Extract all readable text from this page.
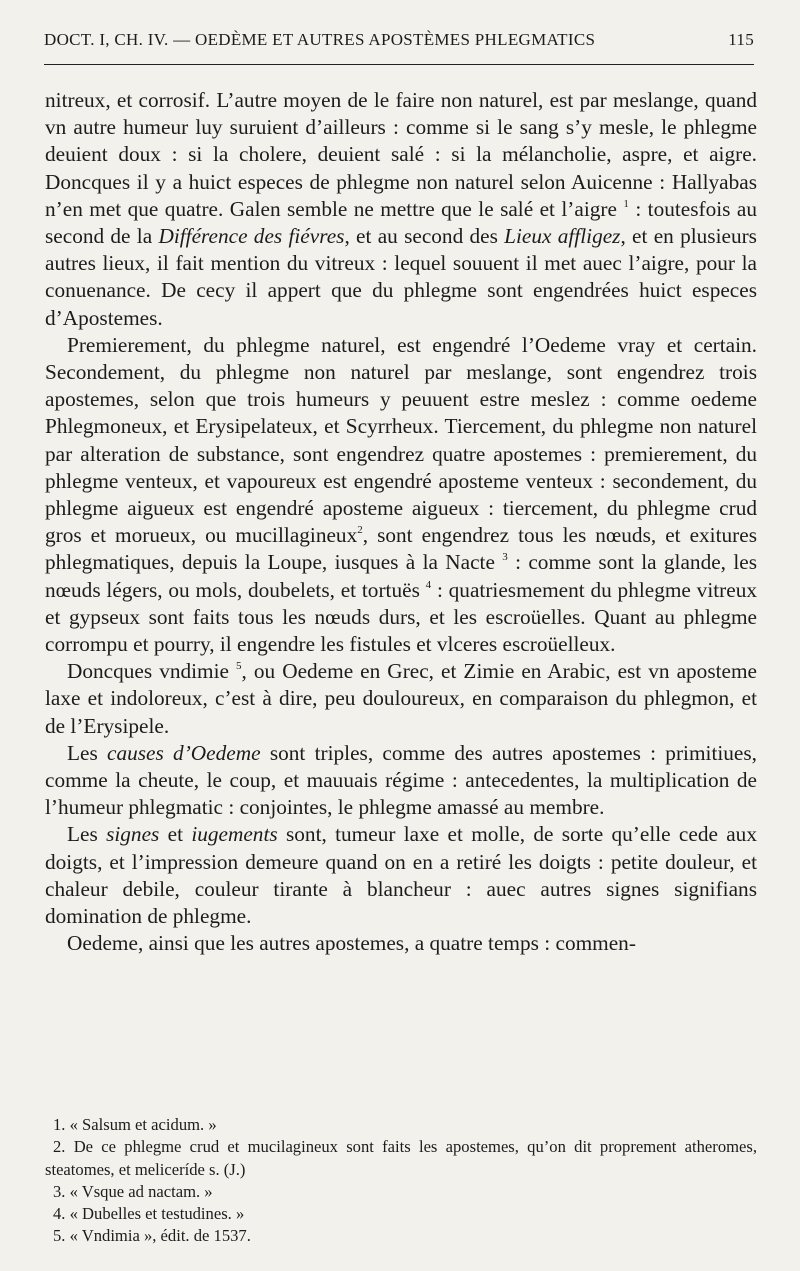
DOCT. I, CH. IV. — OEDÈME ET AUTRES APOSTÈMES PHLEGMATICS	115

nitreux, et corrosif. L’autre moyen de le faire non naturel, est par meslange, quand vn autre humeur luy suruient d’ailleurs : comme si le sang s’y mesle, le phlegme deuient doux : si la cholere, deuient salé : si la mélancholie, aspre, et aigre. Doncques il y a huict especes de phlegme non naturel selon Auicenne : Hallyabas n’en met que quatre. Galen semble ne mettre que le salé et l’aigre $^1$ : toutesfois au second de la Différence des fiévres, et au second des Lieux affligez, et en plusieurs autres lieux, il fait mention du vitreux : lequel souuent il met auec l’aigre, pour la conuenance. De cecy il appert que du phlegme sont engendrées huict especes d’Apostemes.

Premierement, du phlegme naturel, est engendré l’Oedeme vray et certain. Secondement, du phlegme non naturel par meslange, sont engendrez trois apostemes, selon que trois humeurs y peuuent estre meslez : comme oedeme Phlegmoneux, et Erysipelateux, et Scyrrheux. Tiercement, du phlegme non naturel par alteration de substance, sont engendrez quatre apostemes : premierement, du phlegme venteux, et vapoureux est engendré aposteme venteux : secondement, du phlegme aigueux est engendré aposteme aigueux : tiercement, du phlegme crud gros et morueux, ou mucillagineux$^2$, sont engendrez tous les nœuds, et exitures phlegmatiques, depuis la Loupe, iusques à la Nacte $^3$ : comme sont la glande, les nœuds légers, ou mols, doubelets, et tortuës $^4$ : quatriesmement du phlegme vitreux et gypseux sont faits tous les nœuds durs, et les escroüelles. Quant au phlegme corrompu et pourry, il engendre les fistules et vlceres escroüelleux.

Doncques vndimie $^5$, ou Oedeme en Grec, et Zimie en Arabic, est vn aposteme laxe et indoloreux, c’est à dire, peu douloureux, en comparaison du phlegmon, et de l’Erysipele.

Les causes d’Oedeme sont triples, comme des autres apostemes : primitiues, comme la cheute, le coup, et mauuais régime : antecedentes, la multiplication de l’humeur phlegmatic : conjointes, le phlegme amassé au membre.

Les signes et iugements sont, tumeur laxe et molle, de sorte qu’elle cede aux doigts, et l’impression demeure quand on en a retiré les doigts : petite douleur, et chaleur debile, couleur tirante à blancheur : auec autres signes signifians domination de phlegme.

Oedeme, ainsi que les autres apostemes, a quatre temps : commen-

1. « Salsum et acidum. »

2. De ce phlegme crud et mucilagineux sont faits les apostemes, qu’on dit proprement atheromes, steatomes, et meliceríde s. (J.)

3. « Vsque ad nactam. »

4. « Dubelles et testudines. »

5. « Vndimia », édit. de 1537.
